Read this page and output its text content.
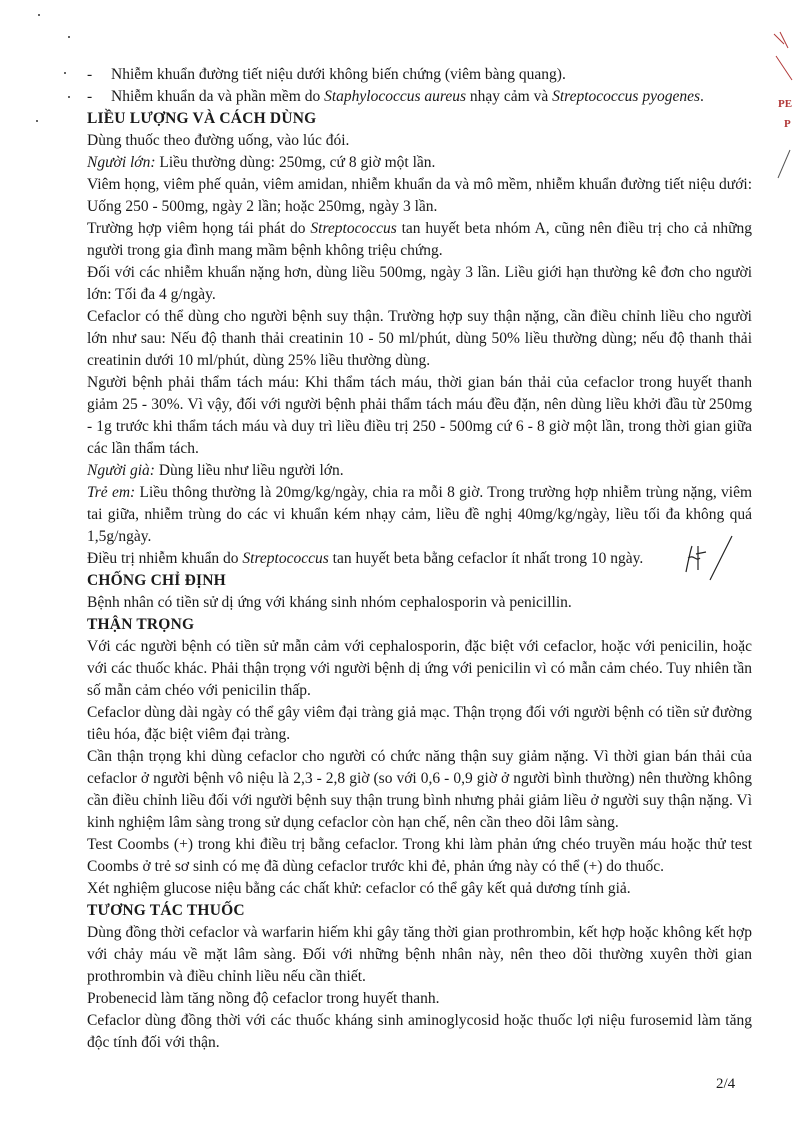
PE
P
- Nhiễm khuẩn đường tiết niệu dưới không biến chứng (viêm bàng quang).
- Nhiễm khuẩn da và phần mềm do Staphylococcus aureus nhạy cảm và Streptococcus pyogenes.
LIỀU LƯỢNG VÀ CÁCH DÙNG

Dùng thuốc theo đường uống, vào lúc đói.

Người lớn: Liều thường dùng: 250mg, cứ 8 giờ một lần.

Viêm họng, viêm phế quản, viêm amidan, nhiễm khuẩn da và mô mềm, nhiễm khuẩn đường tiết niệu dưới: Uống 250 - 500mg, ngày 2 lần; hoặc 250mg, ngày 3 lần.

Trường hợp viêm họng tái phát do Streptococcus tan huyết beta nhóm A, cũng nên điều trị cho cả những người trong gia đình mang mầm bệnh không triệu chứng.

Đối với các nhiễm khuẩn nặng hơn, dùng liều 500mg, ngày 3 lần. Liều giới hạn thường kê đơn cho người lớn: Tối đa 4 g/ngày.

Cefaclor có thể dùng cho người bệnh suy thận. Trường hợp suy thận nặng, cần điều chỉnh liều cho người lớn như sau: Nếu độ thanh thải creatinin 10 - 50 ml/phút, dùng 50% liều thường dùng; nếu độ thanh thải creatinin dưới 10 ml/phút, dùng 25% liều thường dùng.

Người bệnh phải thẩm tách máu: Khi thẩm tách máu, thời gian bán thải của cefaclor trong huyết thanh giảm 25 - 30%. Vì vậy, đối với người bệnh phải thẩm tách máu đều đặn, nên dùng liều khởi đầu từ 250mg - 1g trước khi thẩm tách máu và duy trì liều điều trị 250 - 500mg cứ 6 - 8 giờ một lần, trong thời gian giữa các lần thẩm tách.

Người già: Dùng liều như liều người lớn.

Trẻ em: Liều thông thường là 20mg/kg/ngày, chia ra mỗi 8 giờ. Trong trường hợp nhiễm trùng nặng, viêm tai giữa, nhiễm trùng do các vi khuẩn kém nhạy cảm, liều đề nghị 40mg/kg/ngày, liều tối đa không quá 1,5g/ngày.

Điều trị nhiễm khuẩn do Streptococcus tan huyết beta bằng cefaclor ít nhất trong 10 ngày.

CHỐNG CHỈ ĐỊNH

Bệnh nhân có tiền sử dị ứng với kháng sinh nhóm cephalosporin và penicillin.

THẬN TRỌNG

Với các người bệnh có tiền sử mẫn cảm với cephalosporin, đặc biệt với cefaclor, hoặc với penicilin, hoặc với các thuốc khác. Phải thận trọng với người bệnh dị ứng với penicilin vì có mẫn cảm chéo. Tuy nhiên tần số mẫn cảm chéo với penicilin thấp.

Cefaclor dùng dài ngày có thể gây viêm đại tràng giả mạc. Thận trọng đối với người bệnh có tiền sử đường tiêu hóa, đặc biệt viêm đại tràng.

Cần thận trọng khi dùng cefaclor cho người có chức năng thận suy giảm nặng. Vì thời gian bán thải của cefaclor ở người bệnh vô niệu là 2,3 - 2,8 giờ (so với 0,6 - 0,9 giờ ở người bình thường) nên thường không cần điều chỉnh liều đối với người bệnh suy thận trung bình nhưng phải giảm liều ở người suy thận nặng. Vì kinh nghiệm lâm sàng trong sử dụng cefaclor còn hạn chế, nên cần theo dõi lâm sàng.

Test Coombs (+) trong khi điều trị bằng cefaclor. Trong khi làm phản ứng chéo truyền máu hoặc thử test Coombs ở trẻ sơ sinh có mẹ đã dùng cefaclor trước khi đẻ, phản ứng này có thể (+) do thuốc.

Xét nghiệm glucose niệu bằng các chất khử: cefaclor có thể gây kết quả dương tính giả.

TƯƠNG TÁC THUỐC

Dùng đồng thời cefaclor và warfarin hiếm khi gây tăng thời gian prothrombin, kết hợp hoặc không kết hợp với chảy máu về mặt lâm sàng. Đối với những bệnh nhân này, nên theo dõi thường xuyên thời gian prothrombin và điều chỉnh liều nếu cần thiết.

Probenecid làm tăng nồng độ cefaclor trong huyết thanh.

Cefaclor dùng đồng thời với các thuốc kháng sinh aminoglycosid hoặc thuốc lợi niệu furosemid làm tăng độc tính đối với thận.

2/4
